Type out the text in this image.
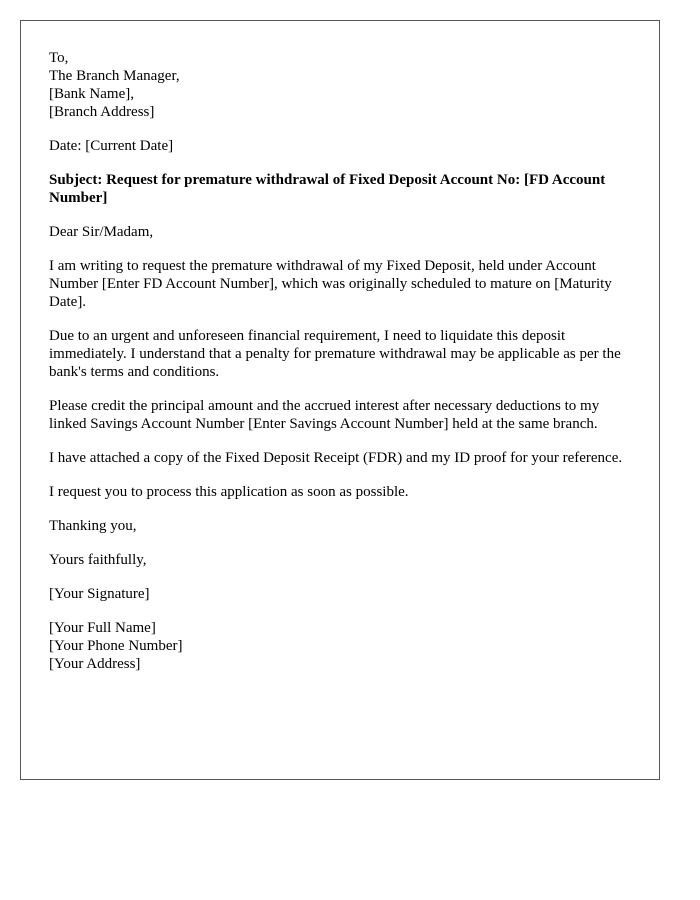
To,
The Branch Manager,
[Bank Name],
[Branch Address]

Date: [Current Date]

Subject: Request for premature withdrawal of Fixed Deposit Account No: [FD Account Number]

Dear Sir/Madam,

I am writing to request the premature withdrawal of my Fixed Deposit, held under Account Number [Enter FD Account Number], which was originally scheduled to mature on [Maturity Date].

Due to an urgent and unforeseen financial requirement, I need to liquidate this deposit immediately. I understand that a penalty for premature withdrawal may be applicable as per the bank's terms and conditions.

Please credit the principal amount and the accrued interest after necessary deductions to my linked Savings Account Number [Enter Savings Account Number] held at the same branch.

I have attached a copy of the Fixed Deposit Receipt (FDR) and my ID proof for your reference.

I request you to process this application as soon as possible.

Thanking you,

Yours faithfully,

[Your Signature]

[Your Full Name]
[Your Phone Number]
[Your Address]
